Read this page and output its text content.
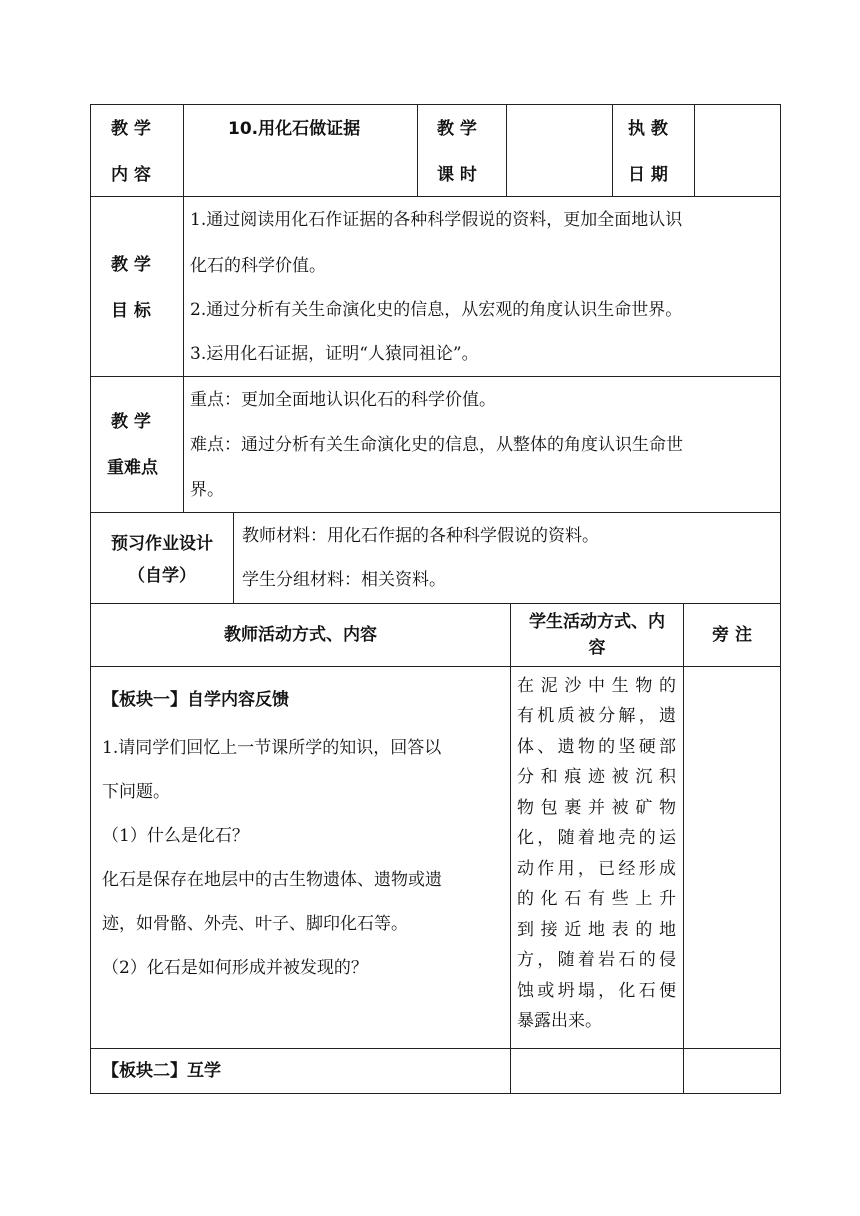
教 学
内 容
10.用化石做证据	教 学
课 时
执 教
日 期
教 学
目 标
1.通过阅读用化石作证据的各种科学假说的资料，更加全面地认识
化石的科学价值。
2.通过分析有关生命演化史的信息，从宏观的角度认识生命世界。
3.运用化石证据，证明“人猿同祖论”。
教 学
重难点
重点：更加全面地认识化石的科学价值。
难点：通过分析有关生命演化史的信息，从整体的角度认识生命世
界。
预习作业设计
（自学）
教师材料：用化石作据的各种科学假说的资料。
学生分组材料：相关资料。
教师活动方式、内容
学生活动方式、内
容
旁 注
【板块一】自学内容反馈
1.请同学们回忆上一节课所学的知识，回答以
下问题。
（1）什么是化石？
化石是保存在地层中的古生物遗体、遗物或遗
迹，如骨骼、外壳、叶子、脚印化石等。
（2）化石是如何形成并被发现的？
在泥沙中生物的
有机质被分解，遗
体、遗物的坚硬部
分和痕迹被沉积
物包裹并被矿物
化，随着地壳的运
动作用，已经形成
的化石有些上升
到接近地表的地
方，随着岩石的侵
蚀或坍塌，化石便
暴露出来。
【板块二】互学
